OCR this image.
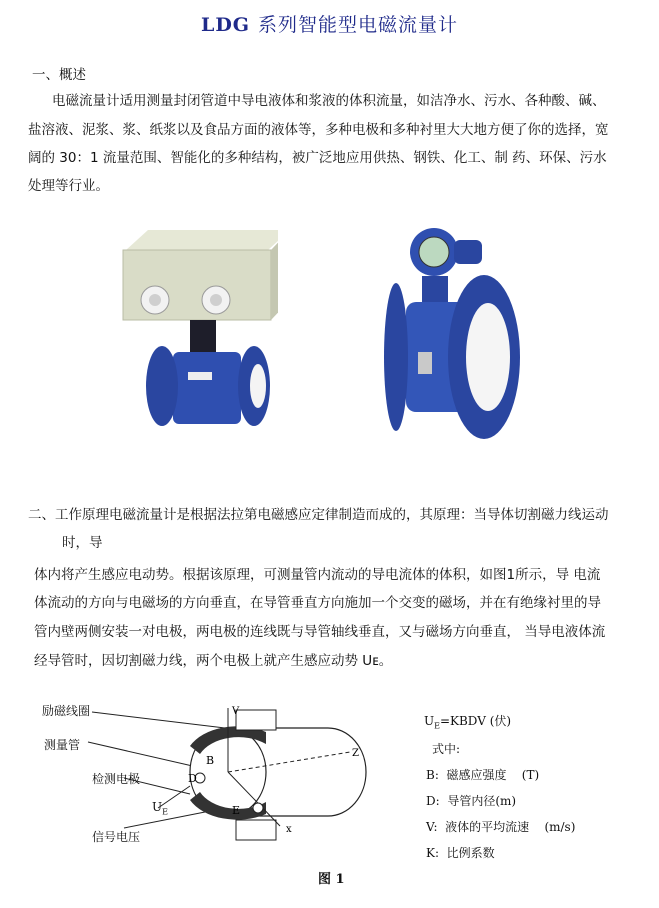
LDG 系列智能型电磁流量计
一、概述
电磁流量计适用测量封闭管道中导电液体和浆液的体积流量，如洁净水、污水、各种酸、碱、
盐溶液、泥浆、浆、纸浆以及食品方面的液体等，多种电极和多种衬里大大地方便了你的选择，宽
阔的 30：1 流量范围、智能化的多种结构，被广泛地应用供热、钢铁、化工、制 药、环保、污水
处理等行业。
二、工作原理电磁流量计是根据法拉第电磁感应定律制造而成的，其原理：当导体切割磁力线运动
时，导
体内将产生感应电动势。根据该原理，可测量管内流动的导电流体的体积，如图1所示，导 电流
体流动的方向与电磁场的方向垂直，在导管垂直方向施加一个交变的磁场，并在有绝缘衬里的导
管内壁两侧安装一对电极，两电极的连线既与导管轴线垂直，又与磁场方向垂直， 当导电液体流
经导管时，因切割磁力线，两个电极上就产生感应动势 Uᴇ。
V
Z
x
B
D
E
励磁线圈
测量管
检测电极
$U_E$
信号电压
$U_E=KBDV$ (伏)
式中:
B: 磁感应强度 (T)
D: 导管内径(m)
V: 液体的平均流速 (m/s)
K: 比例系数
图 1
